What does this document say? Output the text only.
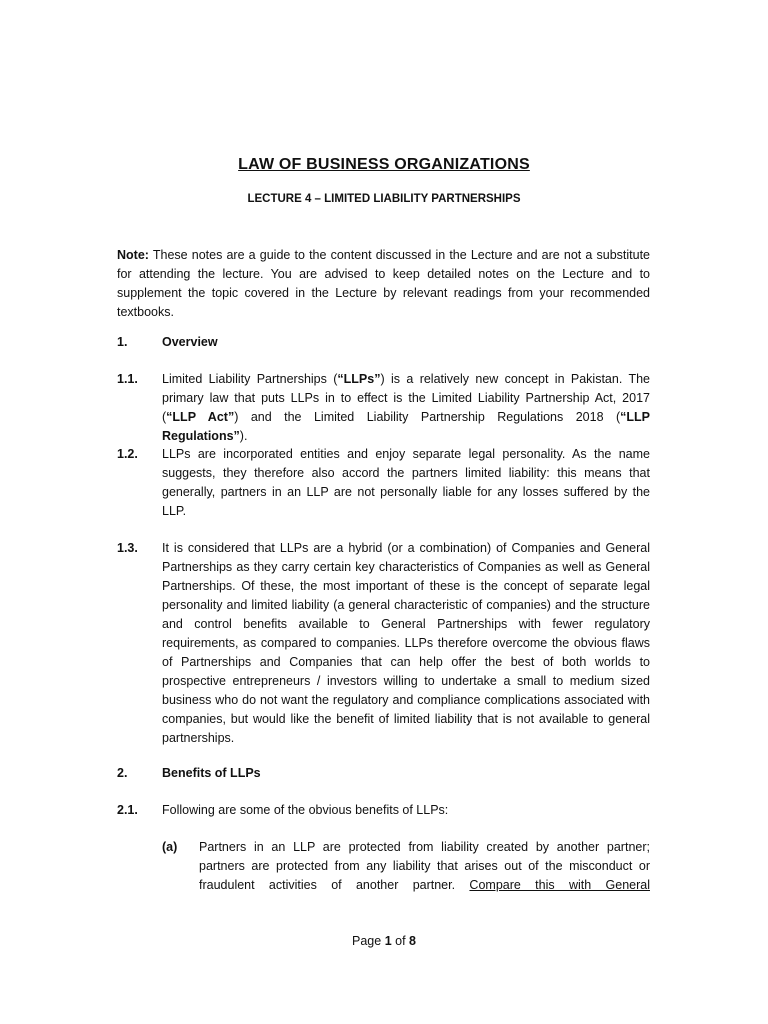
LAW OF BUSINESS ORGANIZATIONS
LECTURE 4 – LIMITED LIABILITY PARTNERSHIPS
Note: These notes are a guide to the content discussed in the Lecture and are not a substitute for attending the lecture. You are advised to keep detailed notes on the Lecture and to supplement the topic covered in the Lecture by relevant readings from your recommended textbooks.
1.	Overview
1.1. Limited Liability Partnerships (“LLPs”) is a relatively new concept in Pakistan. The primary law that puts LLPs in to effect is the Limited Liability Partnership Act, 2017 (“LLP Act”) and the Limited Liability Partnership Regulations 2018 (“LLP Regulations”).
1.2. LLPs are incorporated entities and enjoy separate legal personality. As the name suggests, they therefore also accord the partners limited liability: this means that generally, partners in an LLP are not personally liable for any losses suffered by the LLP.
1.3. It is considered that LLPs are a hybrid (or a combination) of Companies and General Partnerships as they carry certain key characteristics of Companies as well as General Partnerships. Of these, the most important of these is the concept of separate legal personality and limited liability (a general characteristic of companies) and the structure and control benefits available to General Partnerships with fewer regulatory requirements, as compared to companies. LLPs therefore overcome the obvious flaws of Partnerships and Companies that can help offer the best of both worlds to prospective entrepreneurs / investors willing to undertake a small to medium sized business who do not want the regulatory and compliance complications associated with companies, but would like the benefit of limited liability that is not available to general partnerships.
2.	Benefits of LLPs
2.1. Following are some of the obvious benefits of LLPs:
(a) Partners in an LLP are protected from liability created by another partner; partners are protected from any liability that arises out of the misconduct or fraudulent activities of another partner. Compare this with General
Page 1 of 8
